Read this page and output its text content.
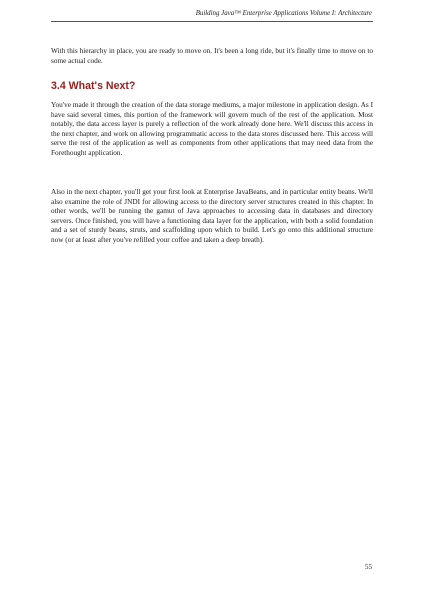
Building Java™ Enterprise Applications Volume I: Architecture

With this hierarchy in place, you are ready to move on. It's been a long ride, but it's finally time to move on to some actual code.

3.4 What's Next?

You've made it through the creation of the data storage mediums, a major milestone in application design. As I have said several times, this portion of the framework will govern much of the rest of the application. Most notably, the data access layer is purely a reflection of the work already done here. We'll discuss this access in the next chapter, and work on allowing programmatic access to the data stores discussed here. This access will serve the rest of the application as well as components from other applications that may need data from the Forethought application.

Also in the next chapter, you'll get your first look at Enterprise JavaBeans, and in particular entity beans. We'll also examine the role of JNDI for allowing access to the directory server structures created in this chapter. In other words, we'll be running the gamut of Java approaches to accessing data in databases and directory servers. Once finished, you will have a functioning data layer for the application, with both a solid foundation and a set of sturdy beans, struts, and scaffolding upon which to build. Let's go onto this additional structure now (or at least after you've refilled your coffee and taken a deep breath).

55
